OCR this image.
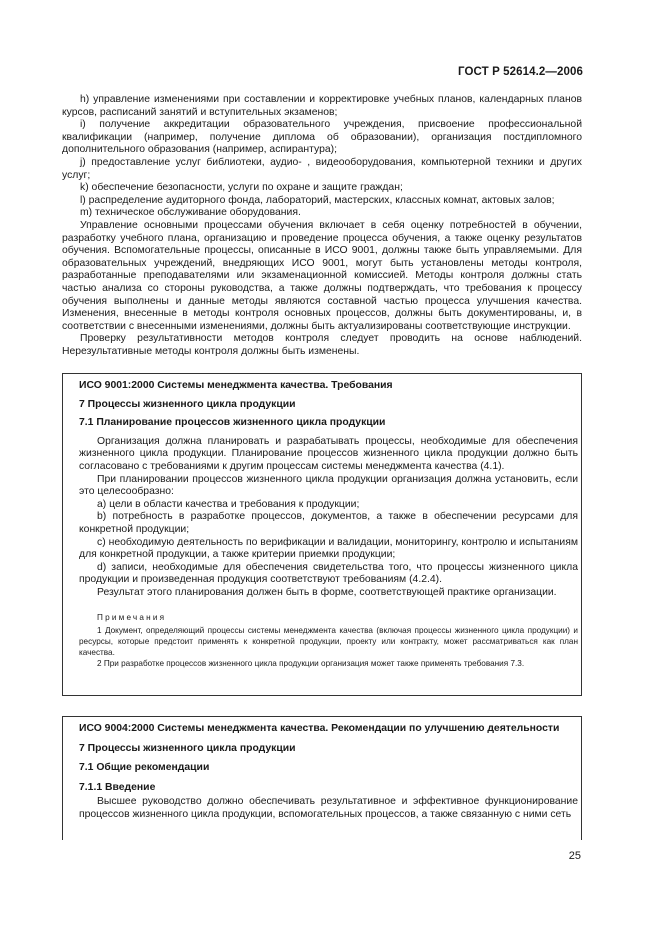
ГОСТ Р 52614.2—2006

h) управление изменениями при составлении и корректировке учебных планов, календарных планов курсов, расписаний занятий и вступительных экзаменов;

i) получение аккредитации образовательного учреждения, присвоение профессиональной квалификации (например, получение диплома об образовании), организация постдипломного дополнительного образования (например, аспирантура);

j) предоставление услуг библиотеки, аудио- , видеооборудования, компьютерной техники и других услуг;

k) обеспечение безопасности, услуги по охране и защите граждан;

l) распределение аудиторного фонда, лабораторий, мастерских, классных комнат, актовых залов;

m) техническое обслуживание оборудования.

Управление основными процессами обучения включает в себя оценку потребностей в обучении, разработку учебного плана, организацию и проведение процесса обучения, а также оценку результатов обучения. Вспомогательные процессы, описанные в ИСО 9001, должны также быть управляемыми. Для образовательных учреждений, внедряющих ИСО 9001, могут быть установлены методы контроля, разработанные преподавателями или экзаменационной комиссией. Методы контроля должны стать частью анализа со стороны руководства, а также должны подтверждать, что требования к процессу обучения выполнены и данные методы являются составной частью процесса улучшения качества. Изменения, внесенные в методы контроля основных процессов, должны быть документированы, и, в соответствии с внесенными изменениями, должны быть актуализированы соответствующие инструкции.

Проверку результативности методов контроля следует проводить на основе наблюдений. Нерезультативные методы контроля должны быть изменены.

ИСО 9001:2000 Системы менеджмента качества. Требования

7 Процессы жизненного цикла продукции

7.1 Планирование процессов жизненного цикла продукции

Организация должна планировать и разрабатывать процессы, необходимые для обеспечения жизненного цикла продукции. Планирование процессов жизненного цикла продукции должно быть согласовано с требованиями к другим процессам системы менеджмента качества (4.1).

При планировании процессов жизненного цикла продукции организация должна установить, если это целесообразно:

a) цели в области качества и требования к продукции;

b) потребность в разработке процессов, документов, а также в обеспечении ресурсами для конкретной продукции;

c) необходимую деятельность по верификации и валидации, мониторингу, контролю и испытаниям для конкретной продукции, а также критерии приемки продукции;

d) записи, необходимые для обеспечения свидетельства того, что процессы жизненного цикла продукции и произведенная продукция соответствуют требованиям (4.2.4).

Результат этого планирования должен быть в форме, соответствующей практике организации.

Примечания

1 Документ, определяющий процессы системы менеджмента качества (включая процессы жизненного цикла продукции) и ресурсы, которые предстоит применять к конкретной продукции, проекту или контракту, может рассматриваться как план качества.

2 При разработке процессов жизненного цикла продукции организация может также применять требования 7.3.

ИСО 9004:2000 Системы менеджмента качества. Рекомендации по улучшению деятельности

7 Процессы жизненного цикла продукции

7.1 Общие рекомендации

7.1.1 Введение

Высшее руководство должно обеспечивать результативное и эффективное функционирование процессов жизненного цикла продукции, вспомогательных процессов, а также связанную с ними сеть

25
